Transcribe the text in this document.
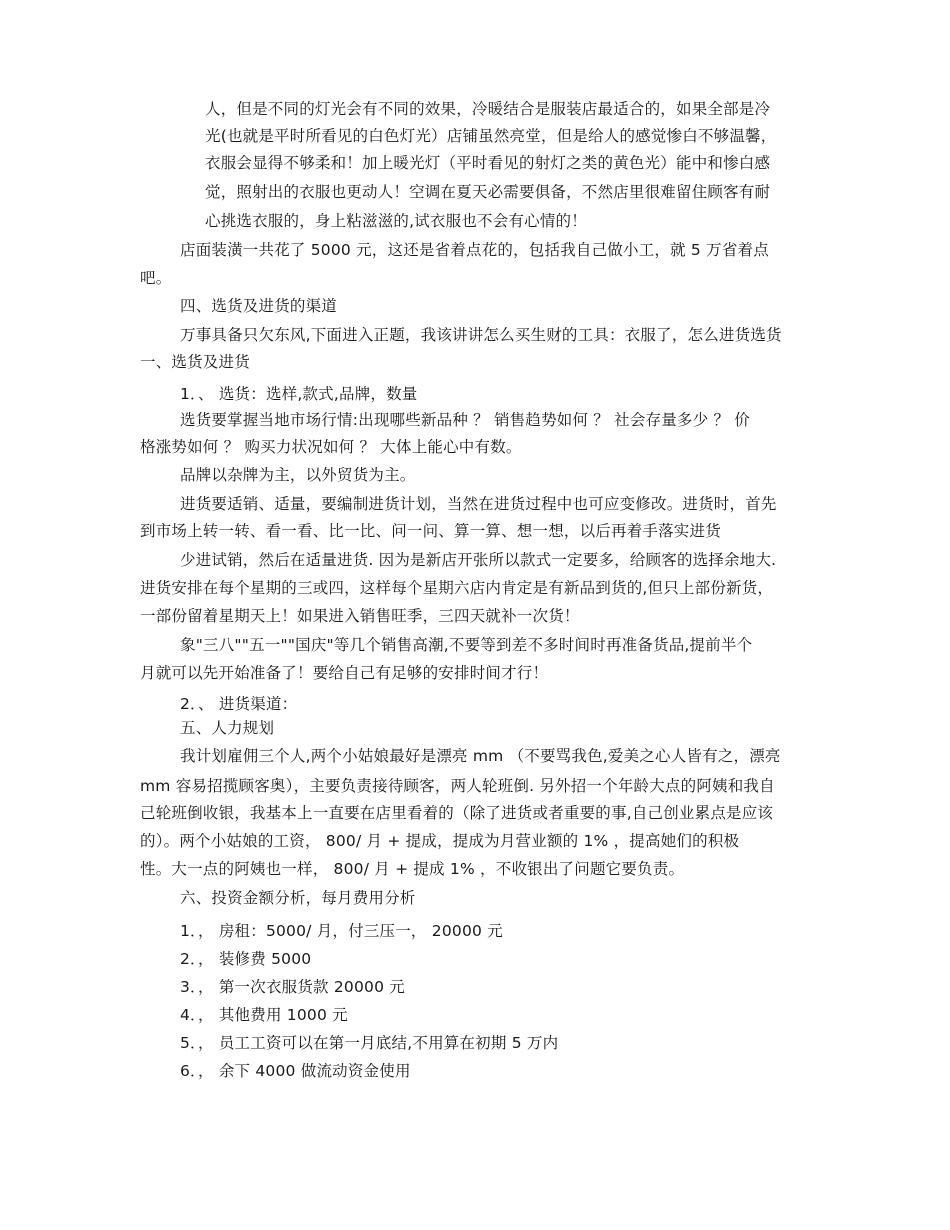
人，但是不同的灯光会有不同的效果，冷暖结合是服装店最适合的，如果全部是冷
光(也就是平时所看见的白色灯光）店铺虽然亮堂，但是给人的感觉惨白不够温馨，
衣服会显得不够柔和！加上暖光灯（平时看见的射灯之类的黄色光）能中和惨白感
觉，照射出的衣服也更动人！空调在夏天必需要俱备，不然店里很难留住顾客有耐
心挑选衣服的，身上粘滋滋的,试衣服也不会有心情的！
店面装潢一共花了 5000 元，这还是省着点花的，包括我自己做小工，就 5 万省着点
吧。
四、选货及进货的渠道
万事具备只欠东风,下面进入正题，我该讲讲怎么买生财的工具：衣服了，怎么进货选货
一、选货及进货
1．、 选货：选样,款式,品牌，数量
选货要掌握当地市场行情:出现哪些新品种 ？ 销售趋势如何 ？ 社会存量多少 ？ 价
格涨势如何 ？ 购买力状况如何 ？ 大体上能心中有数。
品牌以杂牌为主，以外贸货为主。
进货要适销、适量，要编制进货计划，当然在进货过程中也可应变修改。进货时，首先
到市场上转一转、看一看、比一比、问一问、算一算、想一想，以后再着手落实进货
少进试销，然后在适量进货. 因为是新店开张所以款式一定要多，给顾客的选择余地大.
进货安排在每个星期的三或四，这样每个星期六店内肯定是有新品到货的,但只上部份新货，
一部份留着星期天上！如果进入销售旺季，三四天就补一次货！
象"三八""五一""国庆"等几个销售高潮,不要等到差不多时间时再准备货品,提前半个
月就可以先开始准备了！要给自己有足够的安排时间才行！
2．、 进货渠道：
五、人力规划
我计划雇佣三个人,两个小姑娘最好是漂亮 mm （不要骂我色,爱美之心人皆有之，漂亮
mm 容易招揽顾客奥），主要负责接待顾客，两人轮班倒. 另外招一个年龄大点的阿姨和我自
己轮班倒收银，我基本上一直要在店里看着的（除了进货或者重要的事,自己创业累点是应该
的）。两个小姑娘的工资， 800/ 月 + 提成，提成为月营业额的 1% ，提高她们的积极
性。大一点的阿姨也一样， 800/ 月 + 提成 1% ，不收银出了问题它要负责。
六、投资金额分析，每月费用分析
1．， 房租：5000/ 月，付三压一， 20000 元
2．， 装修费 5000
3．， 第一次衣服货款 20000 元
4．， 其他费用 1000 元
5．， 员工工资可以在第一月底结,不用算在初期 5 万内
6．， 余下 4000 做流动资金使用
